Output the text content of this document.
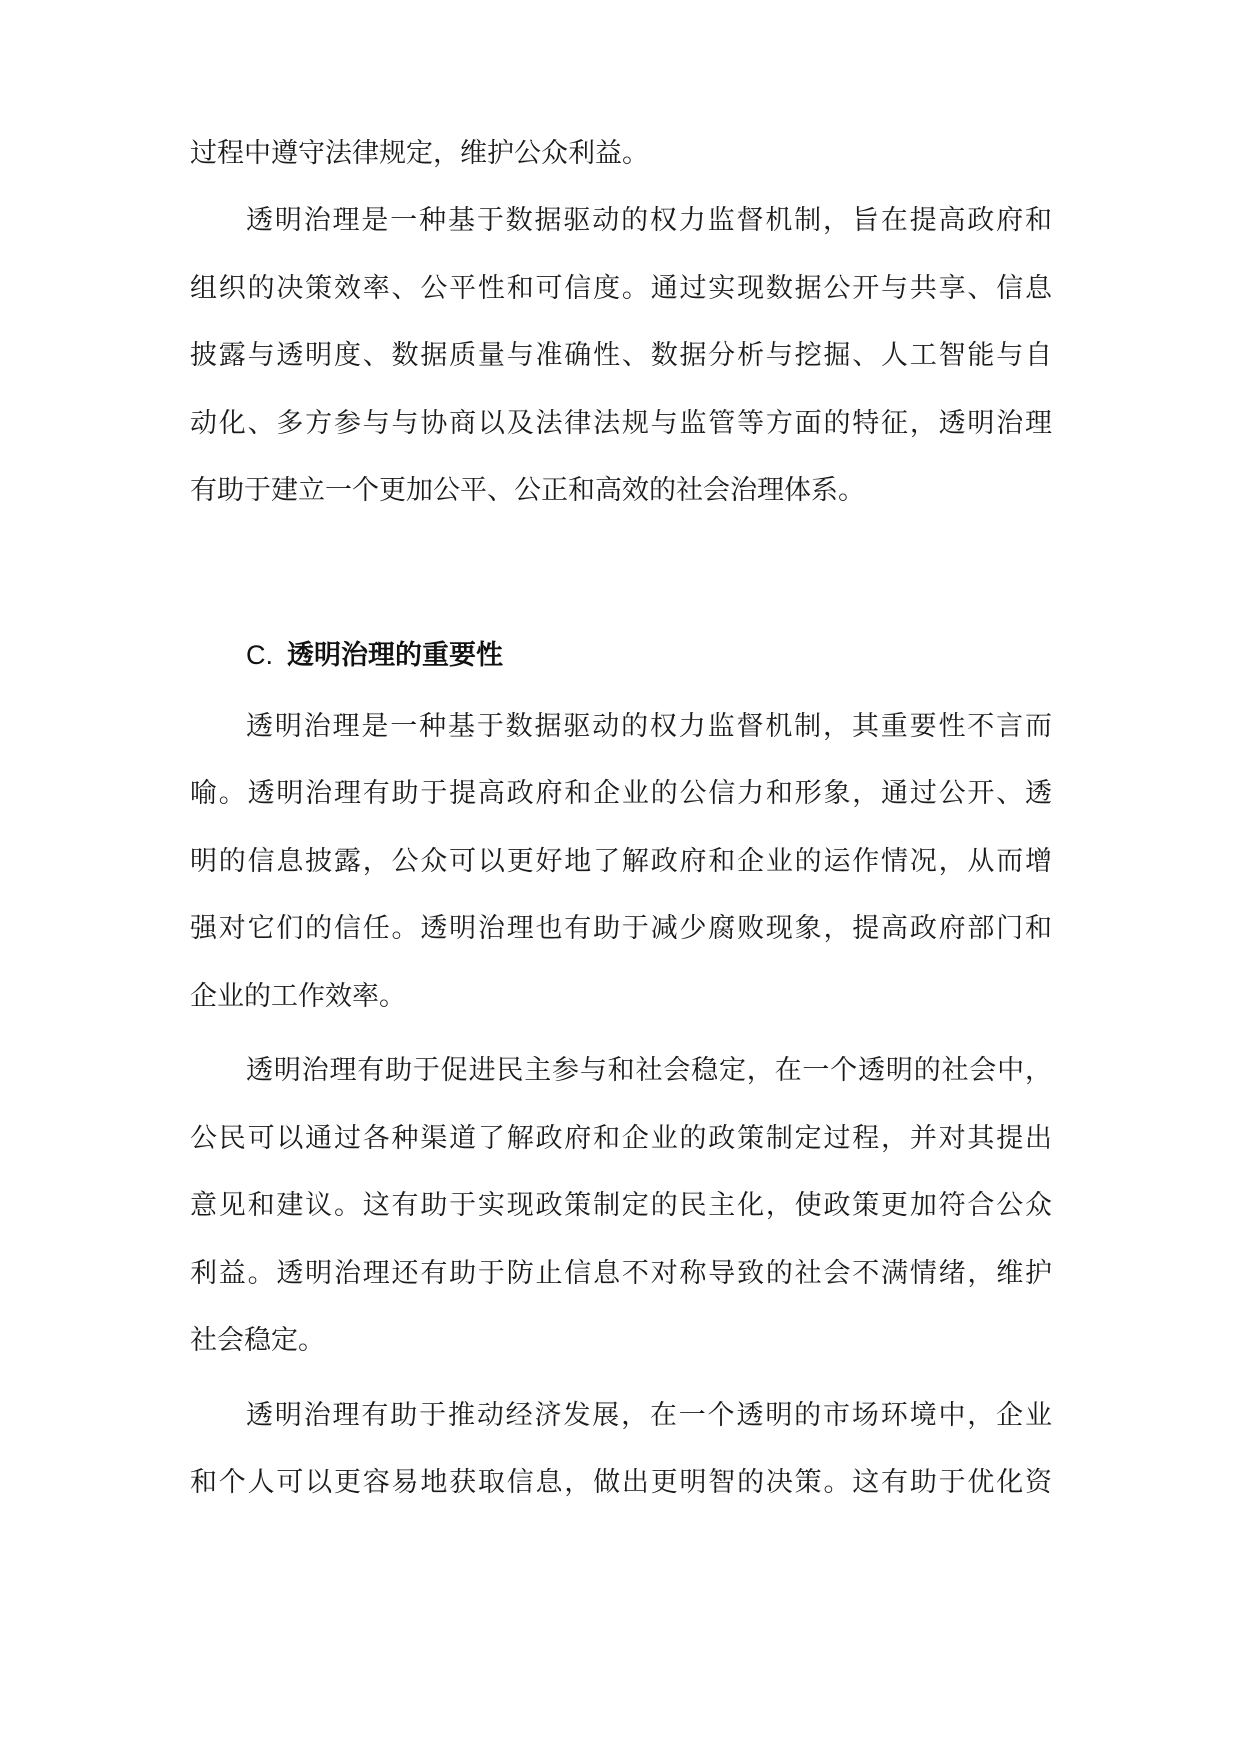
过程中遵守法律规定，维护公众利益。

透明治理是一种基于数据驱动的权力监督机制，旨在提高政府和

组织的决策效率、公平性和可信度。通过实现数据公开与共享、信息

披露与透明度、数据质量与准确性、数据分析与挖掘、人工智能与自

动化、多方参与与协商以及法律法规与监管等方面的特征，透明治理

有助于建立一个更加公平、公正和高效的社会治理体系。

C. 透明治理的重要性

透明治理是一种基于数据驱动的权力监督机制，其重要性不言而

喻。透明治理有助于提高政府和企业的公信力和形象，通过公开、透

明的信息披露，公众可以更好地了解政府和企业的运作情况，从而增

强对它们的信任。透明治理也有助于减少腐败现象，提高政府部门和

企业的工作效率。

透明治理有助于促进民主参与和社会稳定，在一个透明的社会中，

公民可以通过各种渠道了解政府和企业的政策制定过程，并对其提出

意见和建议。这有助于实现政策制定的民主化，使政策更加符合公众

利益。透明治理还有助于防止信息不对称导致的社会不满情绪，维护

社会稳定。

透明治理有助于推动经济发展，在一个透明的市场环境中，企业

和个人可以更容易地获取信息，做出更明智的决策。这有助于优化资
